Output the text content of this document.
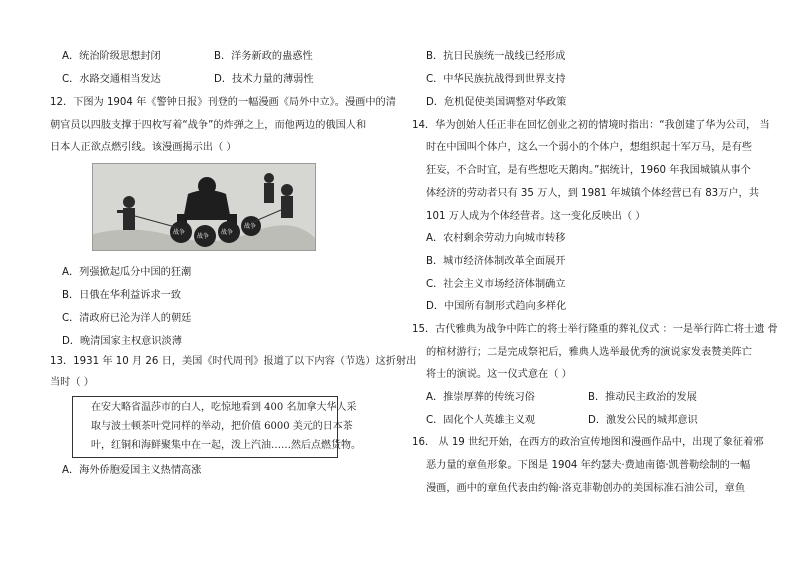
A．统治阶级思想封闭	B．洋务新政的蛊惑性
C．水路交通相当发达	D．技术力量的薄弱性
12．下图为 1904 年《警钟日报》刊登的一幅漫画《局外中立》。漫画中的清
朝官员以四肢支撑于四枚写着“战争”的炸弹之上，而他两边的俄国人和
日本人正欲点燃引线。该漫画揭示出（ ）
战争
战争
战争
战争
A．列强掀起瓜分中国的狂潮
B．日俄在华利益诉求一致
C．清政府已沦为洋人的朝廷
D．晚清国家主权意识淡薄
13．1931 年 10 月 26 日，美国《时代周刊》报道了以下内容（节选）这折射出
当时（ ）
在安大略省温莎市的白人，吃惊地看到 400 名加拿大华人采
取与波士顿茶叶党同样的举动，把价值 6000 美元的日本茶
叶，红铜和海鲜聚集中在一起，泼上汽油……然后点燃货物。
A．海外侨胞爱国主义热情高涨
B．抗日民族统一战线已经形成
C．中华民族抗战得到世界支持
D．危机促使美国调整对华政策
14．华为创始人任正非在回忆创业之初的情境时指出：“我创建了华为公司， 当
时在中国叫个体户，这么一个弱小的个体户，想组织起十军万马，是有些
狂妄，不合时宜，是有些想吃天鹅肉。”据统计，1960 年我国城镇从事个
体经济的劳动者只有 35 万人，到 1981 年城镇个体经营已有 83万户，共
101 万人成为个体经营者。这一变化反映出（ ）
A．农村剩余劳动力向城市转移
B．城市经济体制改革全面展开
C．社会主义市场经济体制确立
D．中国所有制形式趋向多样化
15．古代雅典为战争中阵亡的将士举行隆重的葬礼仪式 ：一是举行阵亡将士遗 骨
的棺材游行；二是完成祭祀后，雅典人选举最优秀的演说家发表赞美阵亡
将士的演说。这一仪式意在（ ）
A．推崇厚葬的传统习俗	B．推动民主政治的发展
C．固化个人英雄主义观	D．激发公民的城邦意识
16． 从 19 世纪开始，在西方的政治宣传地图和漫画作品中，出现了象征着邪
恶力量的章鱼形象。下图是 1904 年约瑟夫·费迪南德·凯普勒绘制的一幅
漫画，画中的章鱼代表由约翰·洛克菲勒创办的美国标准石油公司，章鱼
